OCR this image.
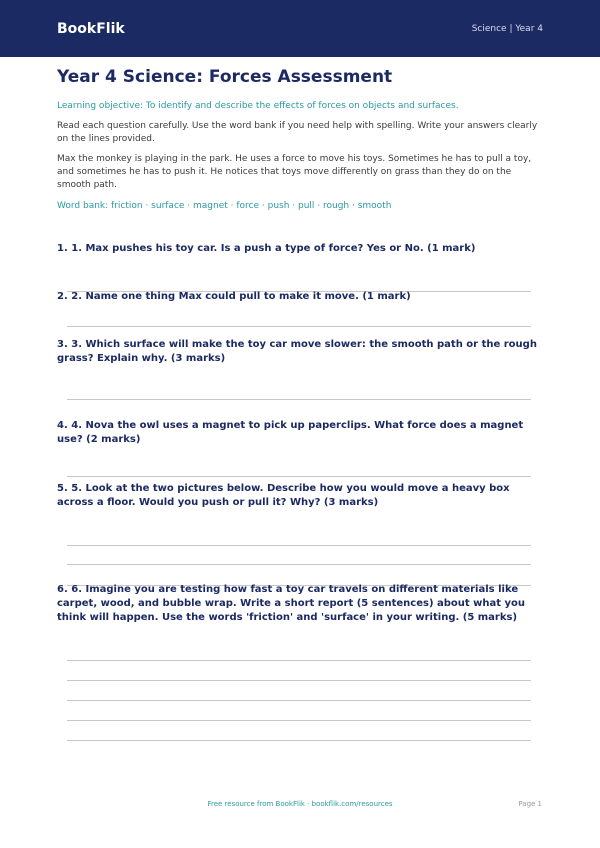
BookFlik	Science | Year 4
Year 4 Science: Forces Assessment
Learning objective: To identify and describe the effects of forces on objects and surfaces.
Read each question carefully. Use the word bank if you need help with spelling. Write your answers clearly on the lines provided.
Max the monkey is playing in the park. He uses a force to move his toys. Sometimes he has to pull a toy, and sometimes he has to push it. He notices that toys move differently on grass than they do on the smooth path.
Word bank: friction · surface · magnet · force · push · pull · rough · smooth
1. 1. Max pushes his toy car. Is a push a type of force? Yes or No. (1 mark)
2. 2. Name one thing Max could pull to make it move. (1 mark)
3. 3. Which surface will make the toy car move slower: the smooth path or the rough grass? Explain why. (3 marks)
4. 4. Nova the owl uses a magnet to pick up paperclips. What force does a magnet use? (2 marks)
5. 5. Look at the two pictures below. Describe how you would move a heavy box across a floor. Would you push or pull it? Why? (3 marks)
6. 6. Imagine you are testing how fast a toy car travels on different materials like carpet, wood, and bubble wrap. Write a short report (5 sentences) about what you think will happen. Use the words 'friction' and 'surface' in your writing. (5 marks)
Free resource from BookFlik · bookflik.com/resources	Page 1
